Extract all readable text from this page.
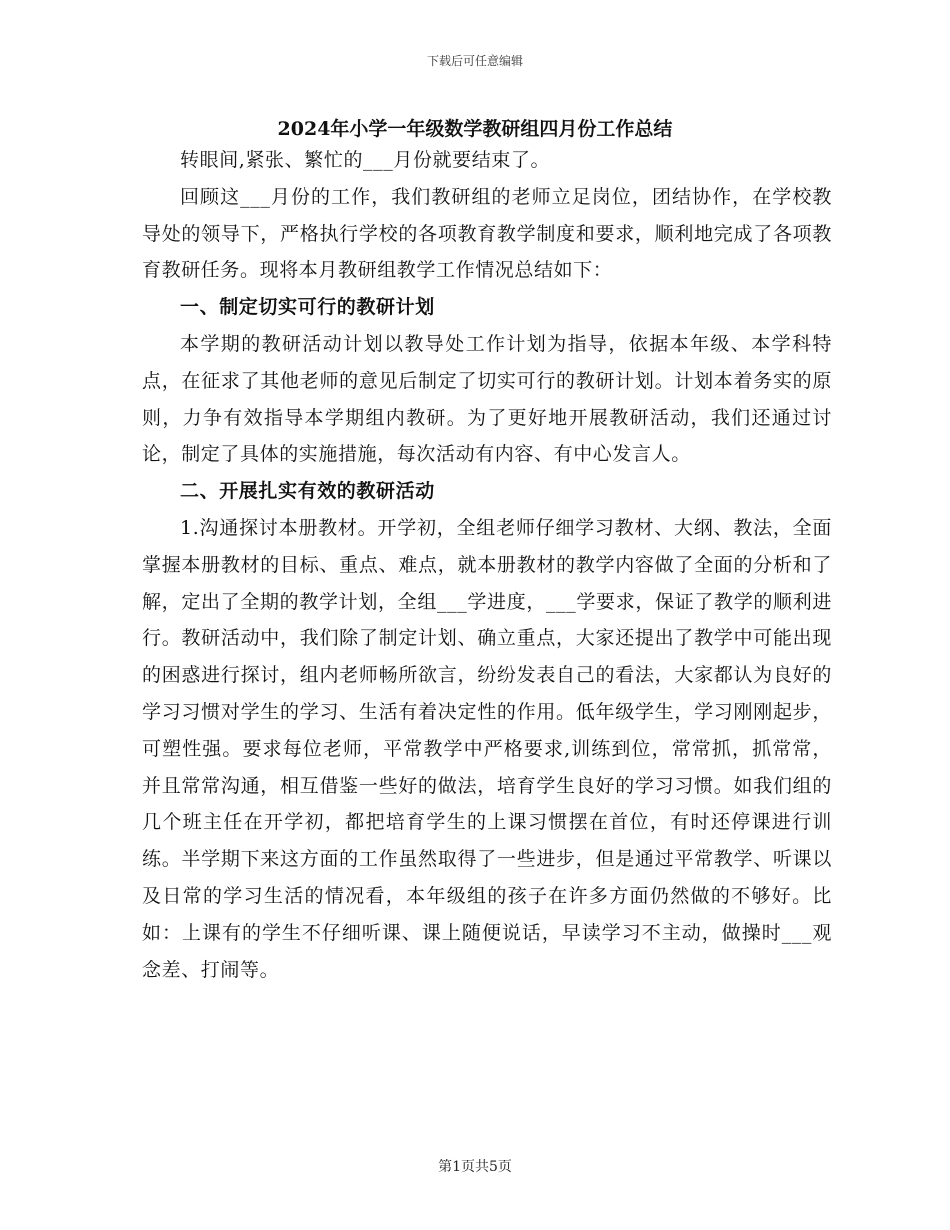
下载后可任意编辑
2024年小学一年级数学教研组四月份工作总结

转眼间,紧张、繁忙的___月份就要结束了。

回顾这___月份的工作，我们教研组的老师立足岗位，团结协作，在学校教导处的领导下，严格执行学校的各项教育教学制度和要求，顺利地完成了各项教育教研任务。现将本月教研组教学工作情况总结如下：

一、制定切实可行的教研计划

本学期的教研活动计划以教导处工作计划为指导，依据本年级、本学科特点，在征求了其他老师的意见后制定了切实可行的教研计划。计划本着务实的原则，力争有效指导本学期组内教研。为了更好地开展教研活动，我们还通过讨论，制定了具体的实施措施，每次活动有内容、有中心发言人。

二、开展扎实有效的教研活动

1.沟通探讨本册教材。开学初，全组老师仔细学习教材、大纲、教法，全面掌握本册教材的目标、重点、难点，就本册教材的教学内容做了全面的分析和了解，定出了全期的教学计划，全组___学进度，___学要求，保证了教学的顺利进行。教研活动中，我们除了制定计划、确立重点，大家还提出了教学中可能出现的困惑进行探讨，组内老师畅所欲言，纷纷发表自己的看法，大家都认为良好的学习习惯对学生的学习、生活有着决定性的作用。低年级学生，学习刚刚起步，可塑性强。要求每位老师，平常教学中严格要求,训练到位，常常抓，抓常常，并且常常沟通，相互借鉴一些好的做法，培育学生良好的学习习惯。如我们组的几个班主任在开学初，都把培育学生的上课习惯摆在首位，有时还停课进行训练。半学期下来这方面的工作虽然取得了一些进步，但是通过平常教学、听课以及日常的学习生活的情况看，本年级组的孩子在许多方面仍然做的不够好。比如：上课有的学生不仔细听课、课上随便说话，早读学习不主动，做操时___观念差、打闹等。

第1页共5页
